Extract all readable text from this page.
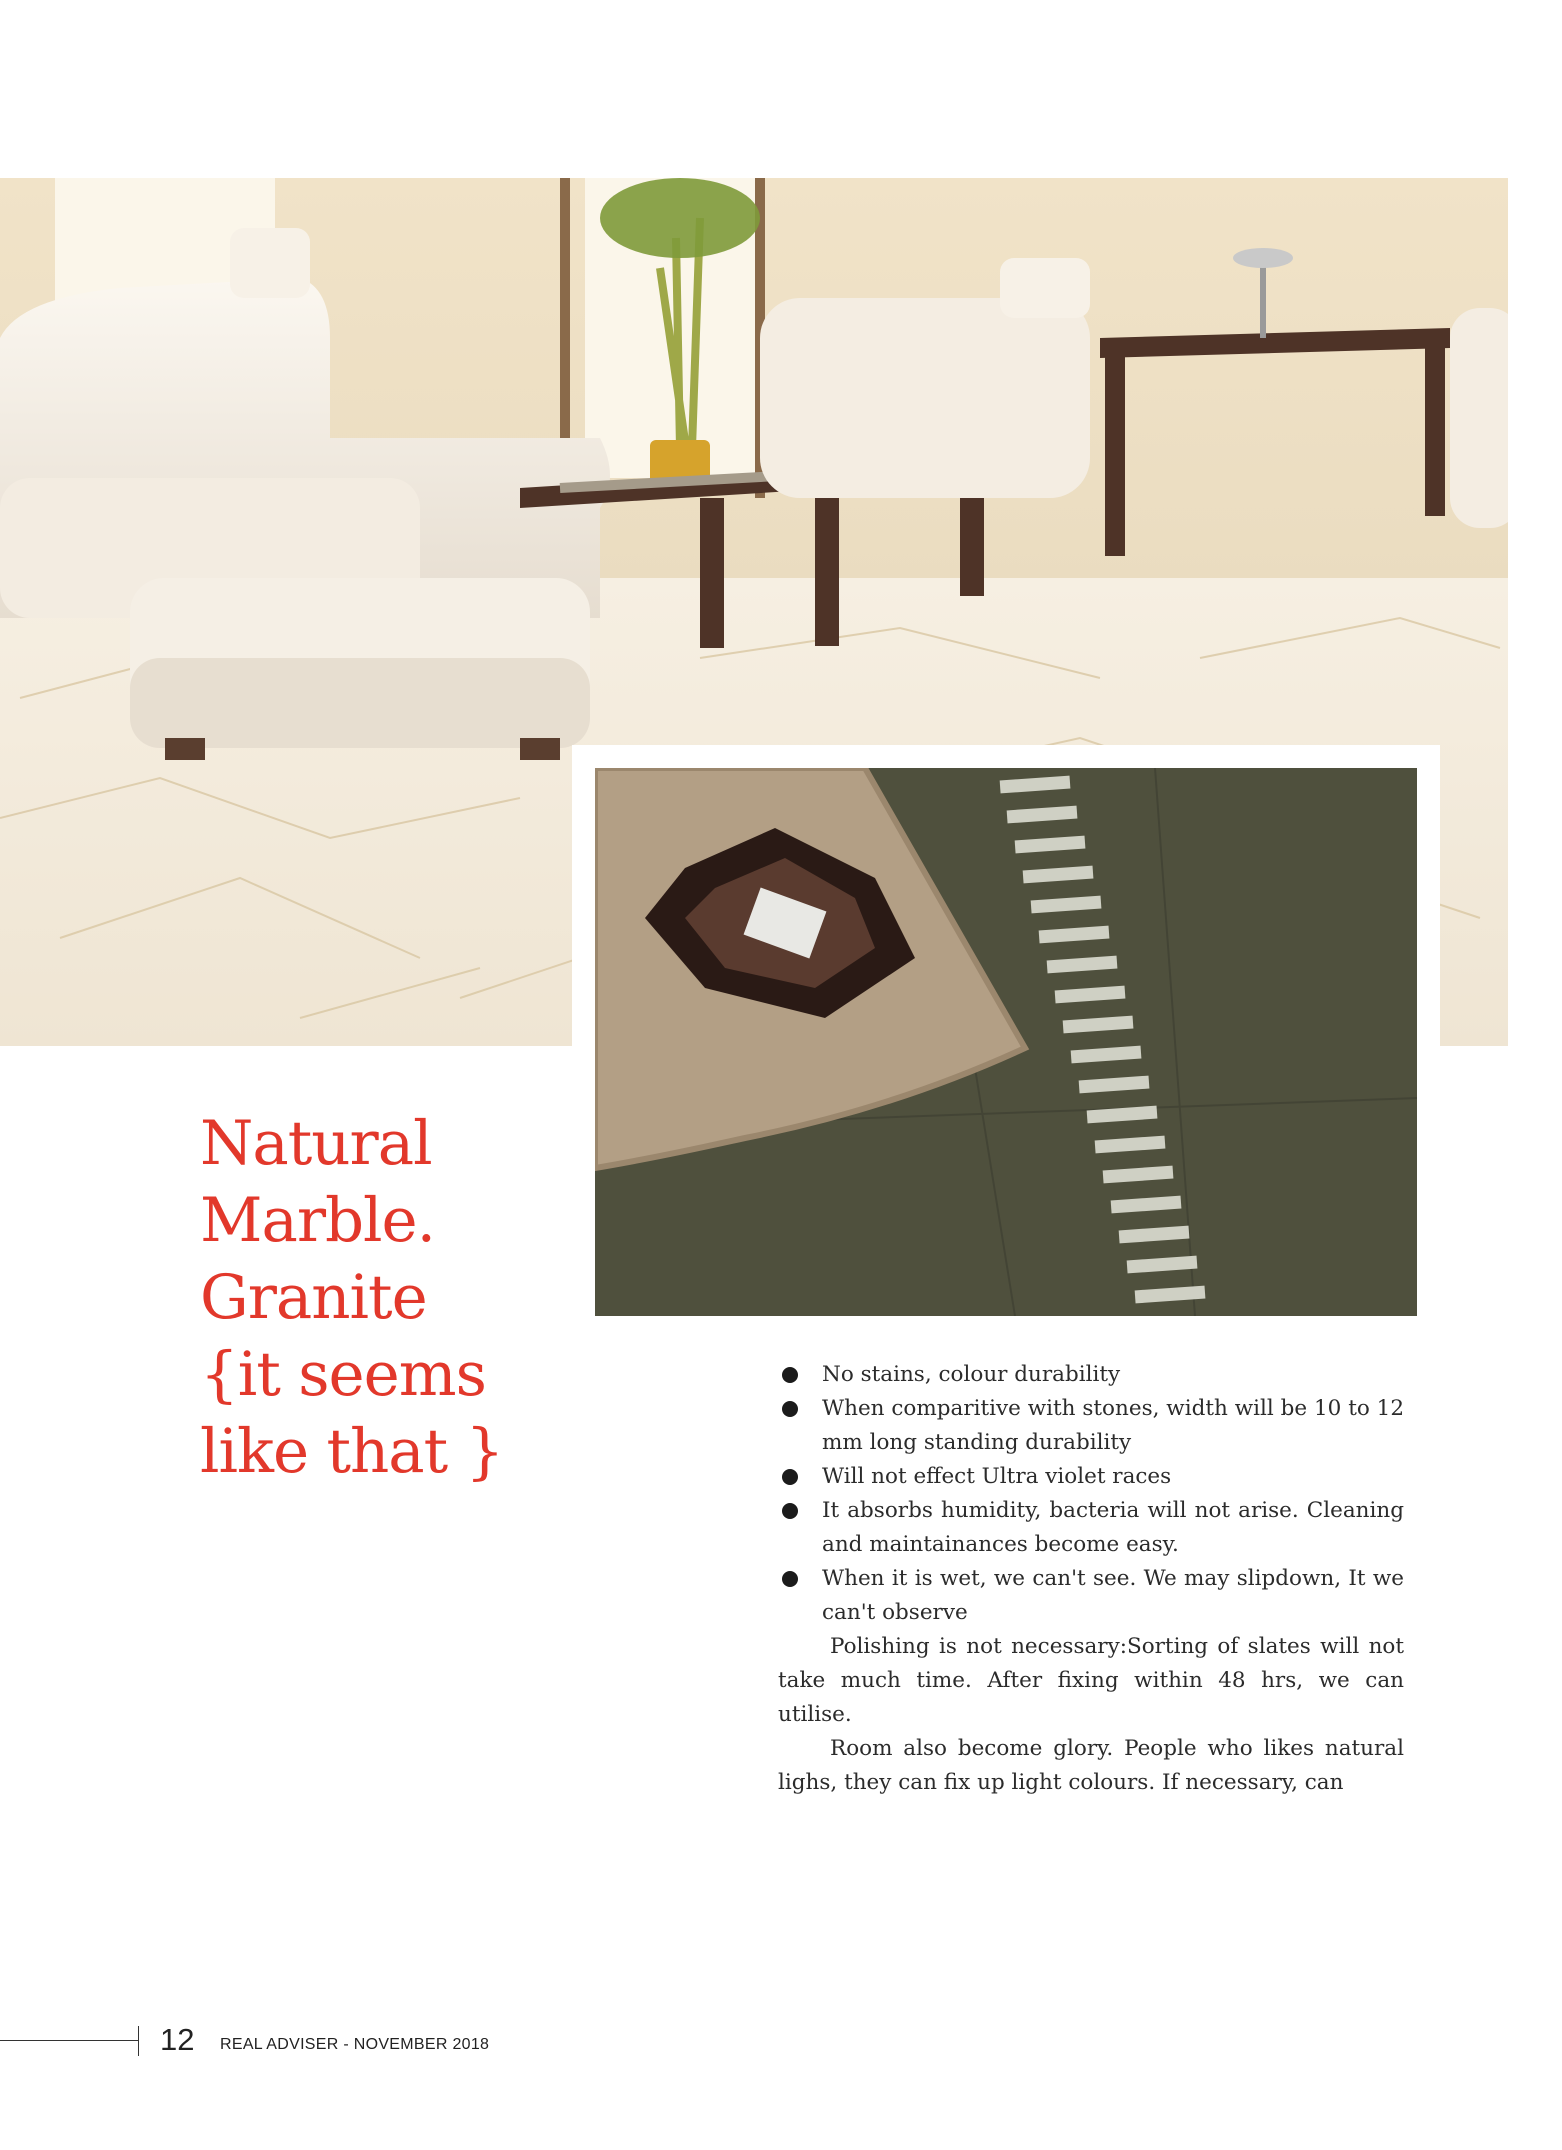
Natural
Marble.
Granite
{it seems
like that }
No stains, colour durability
When comparitive with stones, width will be 10 to 12 mm long standing durability
Will not effect Ultra violet races
It absorbs humidity, bacteria will not arise. Cleaning and maintainances become easy.
When it is wet, we can't see. We may slipdown, It we can't observe

Polishing is not necessary:Sorting of slates will not take much time. After fixing within 48 hrs, we can utilise.

Room also become glory. People who likes natural lighs, they can fix up light colours. If necessary, can

12 REAL ADVISER - NOVEMBER 2018
